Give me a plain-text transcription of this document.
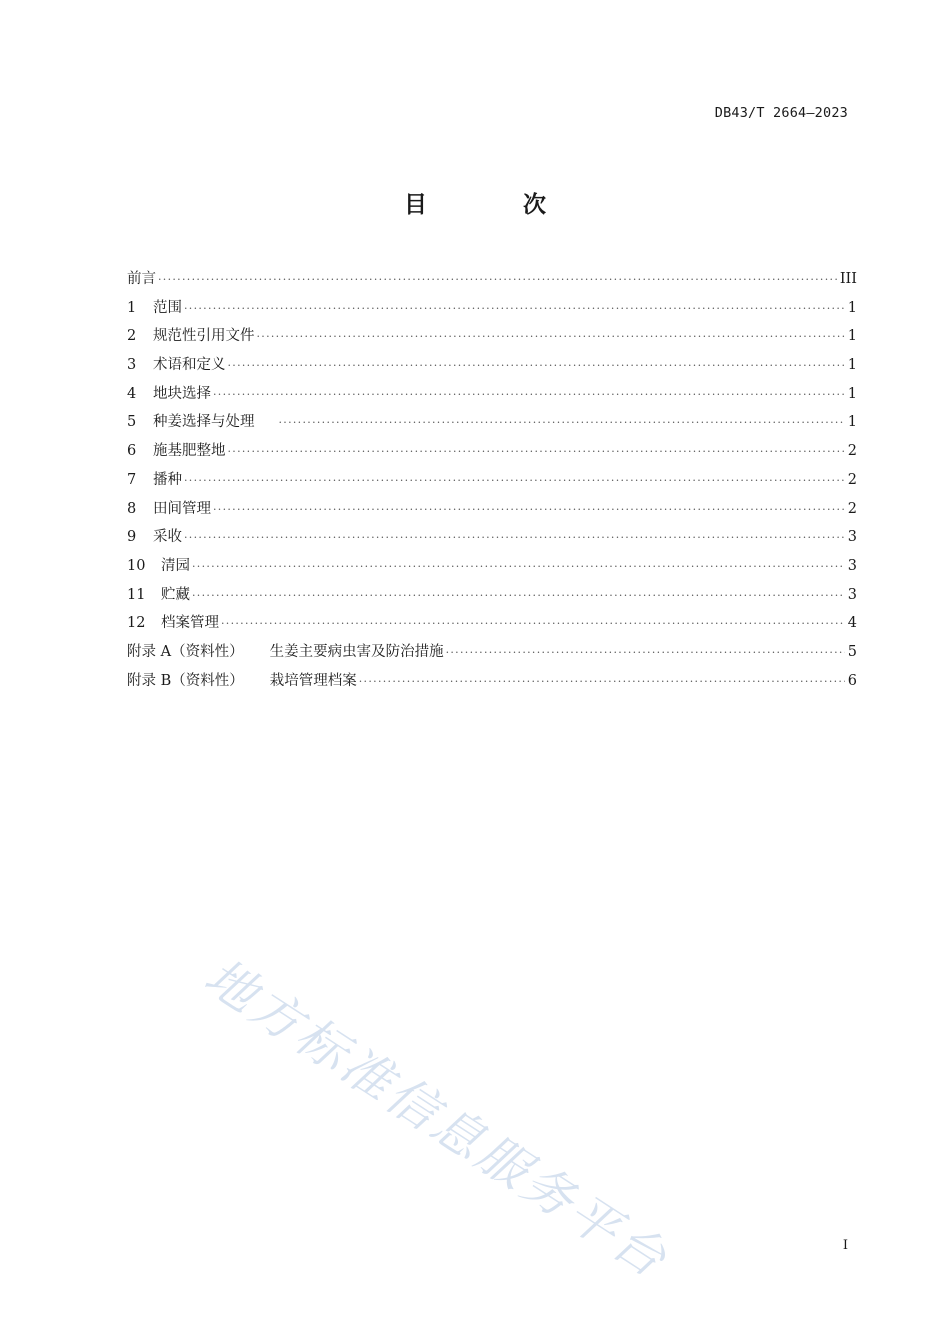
DB43/T 2664—2023
目 次
前言 ·····	III
1	范围 ·····	1
2	规范性引用文件 ·····	1
3	术语和定义 ·····	1
4	地块选择 ·····	1
5	种姜选择与处理 ·····	1
6	施基肥整地 ·····	2
7	播种 ·····	2
8	田间管理 ·····	2
9	采收 ·····	3
10	清园 ·····	3
11	贮藏 ·····	3
12	档案管理 ·····	4
附录 A（资料性） 生姜主要病虫害及防治措施 ·····	5
附录 B（资料性） 栽培管理档案 ·····	6
地方标准信息服务平台	I
